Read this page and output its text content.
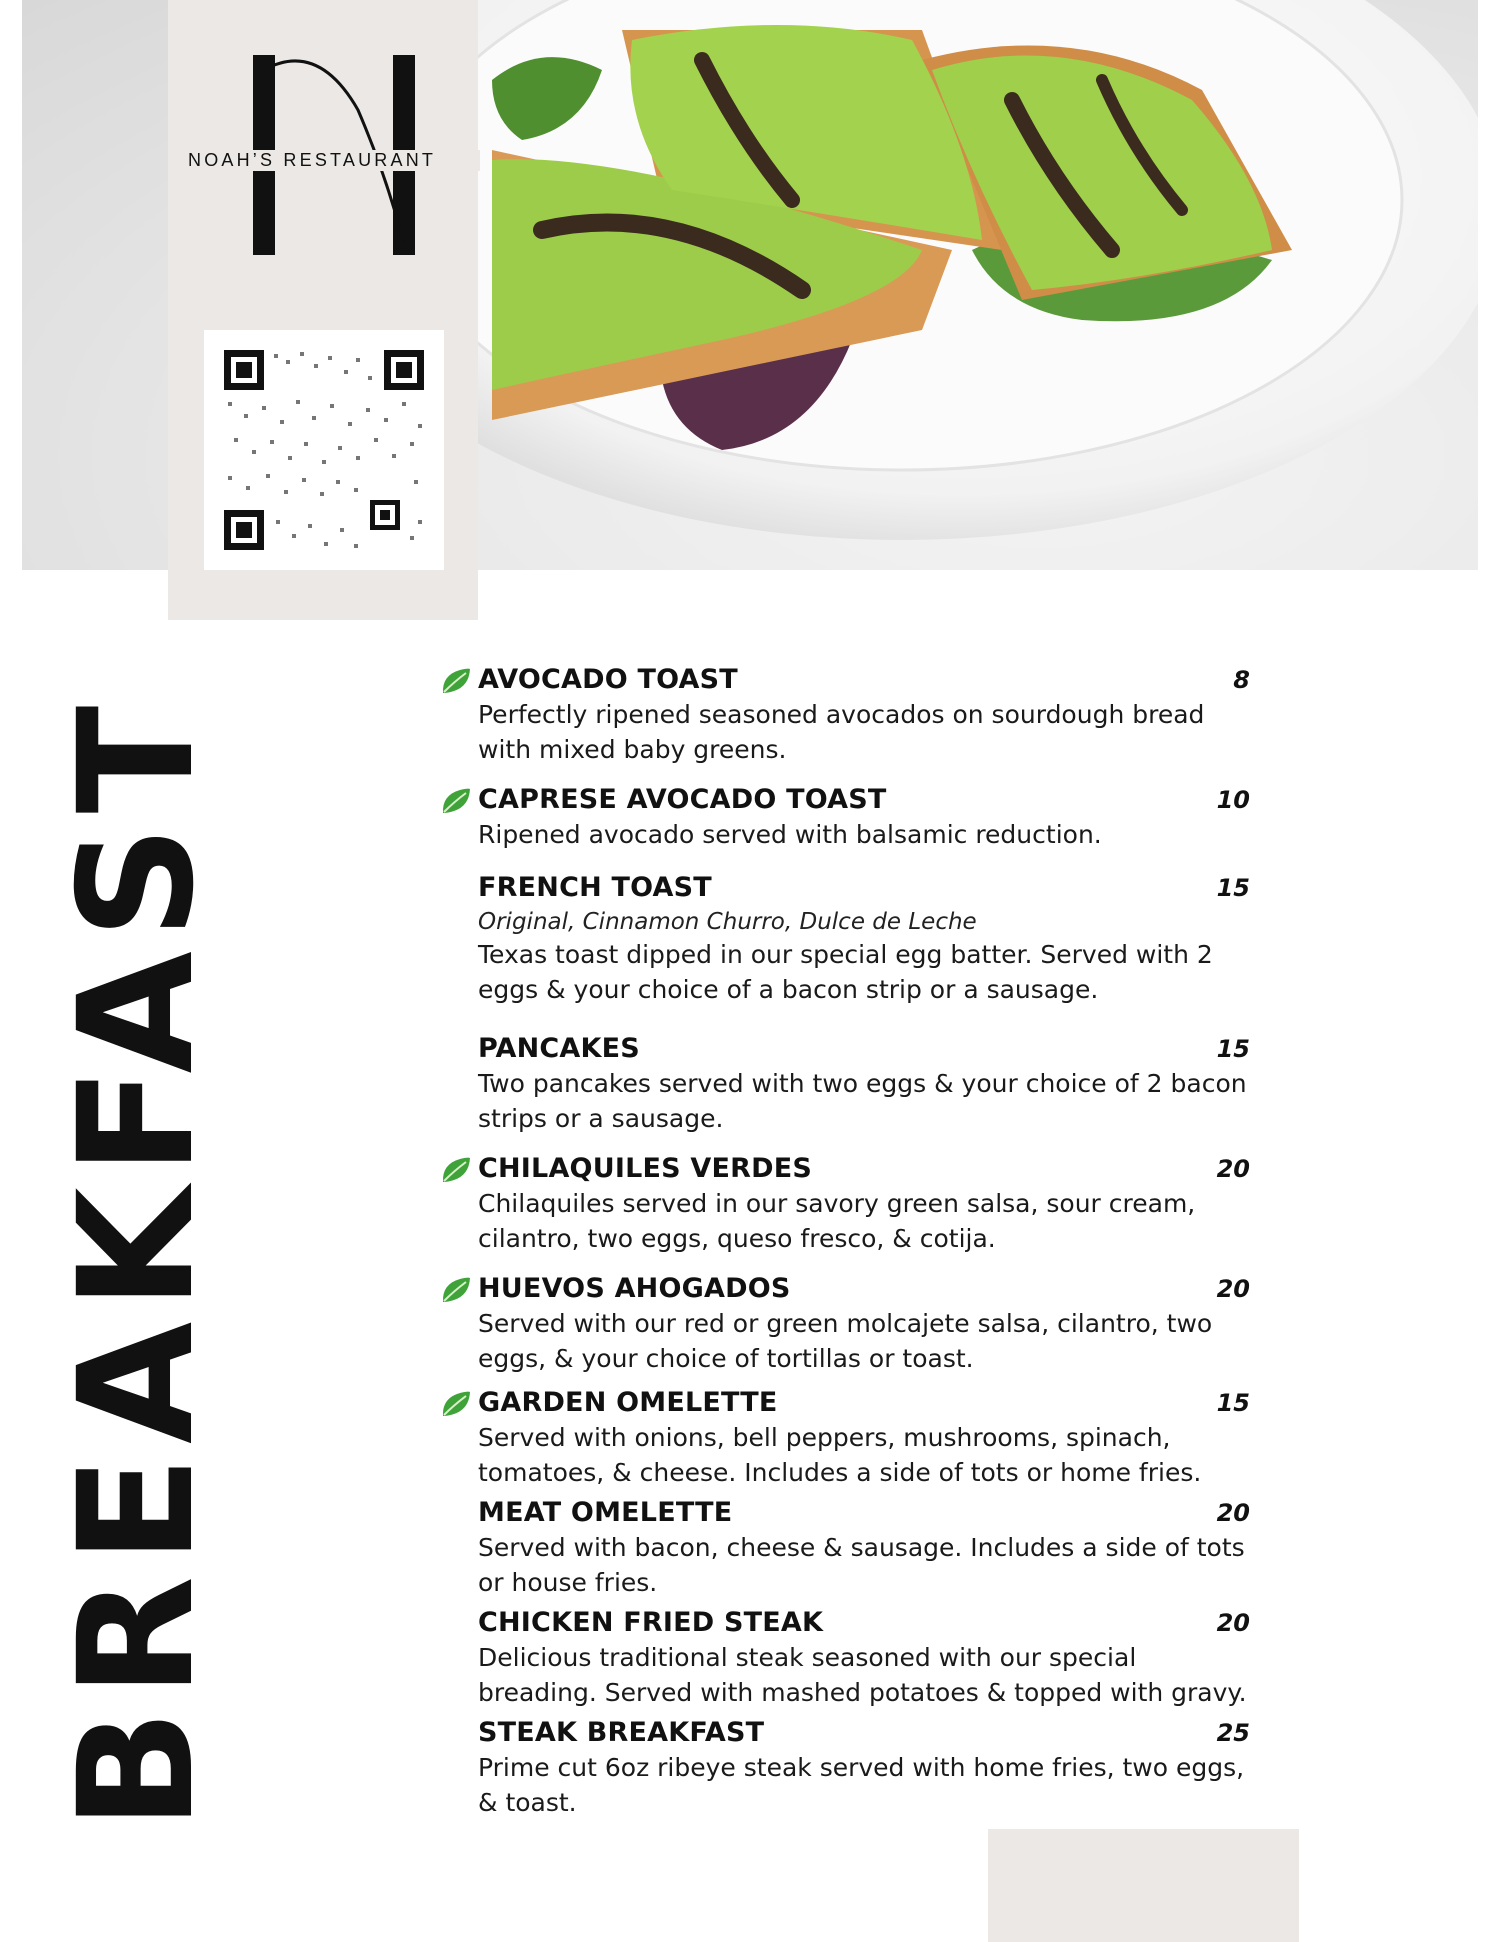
NOAH’S RESTAURANT
BREAKFAST
AVOCADO TOAST	8
Perfectly ripened seasoned avocados on sourdough bread with mixed baby greens.
CAPRESE AVOCADO TOAST	10
Ripened avocado served with balsamic reduction.
FRENCH TOAST	15
Original, Cinnamon Churro, Dulce de Leche
Texas toast dipped in our special egg batter. Served with 2 eggs & your choice of a bacon strip or a sausage.
PANCAKES	15
Two pancakes served with two eggs & your choice of 2 bacon strips or a sausage.
CHILAQUILES VERDES	20
Chilaquiles served in our savory green salsa, sour cream, cilantro, two eggs, queso fresco, & cotija.
HUEVOS AHOGADOS	20
Served with our red or green molcajete salsa, cilantro, two eggs, & your choice of tortillas or toast.
GARDEN OMELETTE	15
Served with onions, bell peppers, mushrooms, spinach, tomatoes, & cheese. Includes a side of tots or home fries.
MEAT OMELETTE	20
Served with bacon, cheese & sausage. Includes a side of tots or house fries.
CHICKEN FRIED STEAK	20
Delicious traditional steak seasoned with our special breading. Served with mashed potatoes & topped with gravy.
STEAK BREAKFAST	25
Prime cut 6oz ribeye steak served with home fries, two eggs, & toast.
